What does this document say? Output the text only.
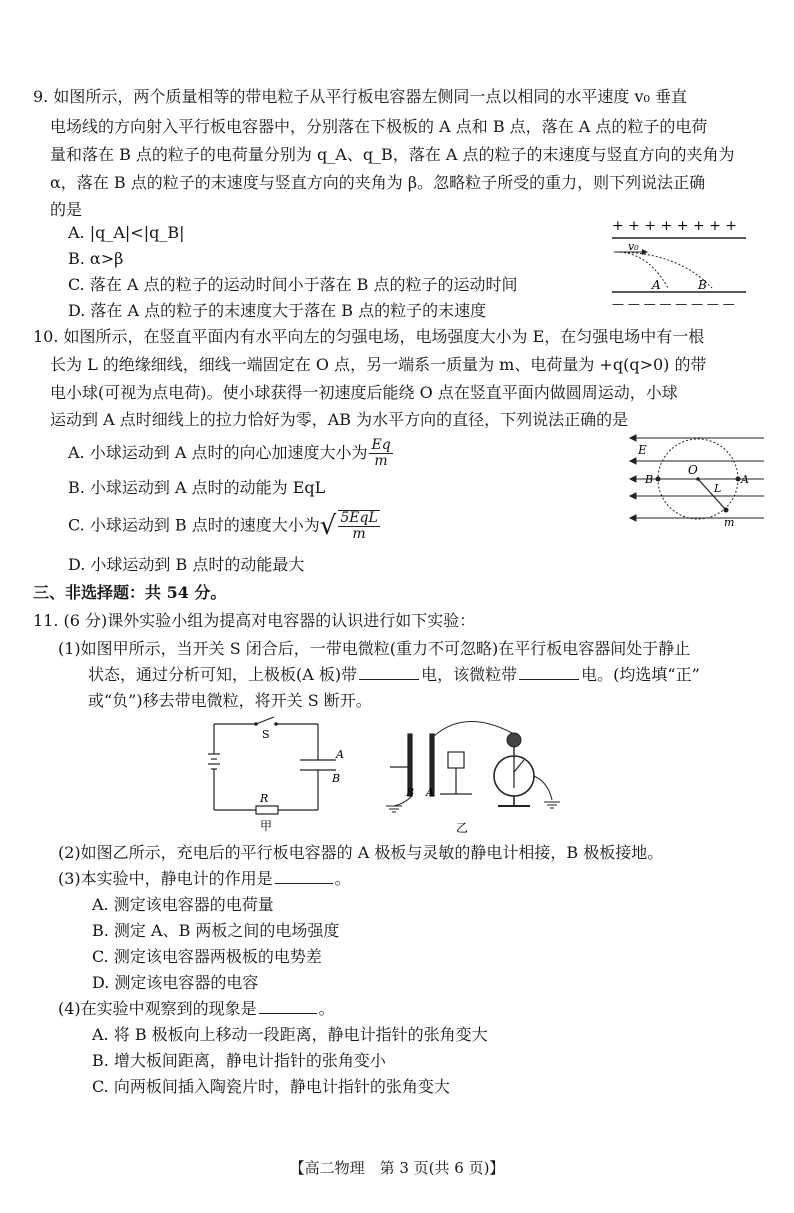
9. 如图所示，两个质量相等的带电粒子从平行板电容器左侧同一点以相同的水平速度 v₀ 垂直
电场线的方向射入平行板电容器中，分别落在下极板的 A 点和 B 点，落在 A 点的粒子的电荷
量和落在 B 点的粒子的电荷量分别为 q_A、q_B，落在 A 点的粒子的末速度与竖直方向的夹角为
α，落在 B 点的粒子的末速度与竖直方向的夹角为 β。忽略粒子所受的重力，则下列说法正确
的是
A. |q_A|<|q_B|
B. α>β
C. 落在 A 点的粒子的运动时间小于落在 B 点的粒子的运动时间
D. 落在 A 点的粒子的末速度大于落在 B 点的粒子的末速度
+ + + + + + + +
v₀
A	B
— — — — — — — —
10. 如图所示，在竖直平面内有水平向左的匀强电场，电场强度大小为 E，在匀强电场中有一根
长为 L 的绝缘细线，细线一端固定在 O 点，另一端系一质量为 m、电荷量为 +q(q>0) 的带
电小球(可视为点电荷)。使小球获得一初速度后能绕 O 点在竖直平面内做圆周运动，小球
运动到 A 点时细线上的拉力恰好为零，AB 为水平方向的直径，下列说法正确的是
A. 小球运动到 A 点时的向心加速度大小为 $\frac{Eq}{m}$
B. 小球运动到 A 点时的动能为 EqL
C. 小球运动到 B 点时的速度大小为√ $\frac{\text{5EqL}}{m}$
D. 小球运动到 B 点时的动能最大
E
O
B	A
L
m
三、非选择题：共 54 分。
11. (6 分)课外实验小组为提高对电容器的认识进行如下实验：
(1)如图甲所示，当开关 S 闭合后，一带电微粒(重力不可忽略)在平行板电容器间处于静止
状态，通过分析可知，上极板(A 板)带	电，该微粒带	电。(均选填“正”
或“负”)移去带电微粒，将开关 S 断开。
S
A
B
R
甲
B A
乙
(2)如图乙所示，充电后的平行板电容器的 A 极板与灵敏的静电计相接，B 极板接地。
(3)本实验中，静电计的作用是	。
A. 测定该电容器的电荷量
B. 测定 A、B 两板之间的电场强度
C. 测定该电容器两极板的电势差
D. 测定该电容器的电容
(4)在实验中观察到的现象是	。
A. 将 B 极板向上移动一段距离，静电计指针的张角变大
B. 增大板间距离，静电计指针的张角变小
C. 向两板间插入陶瓷片时，静电计指针的张角变大
【高二物理　第 3 页(共 6 页)】
